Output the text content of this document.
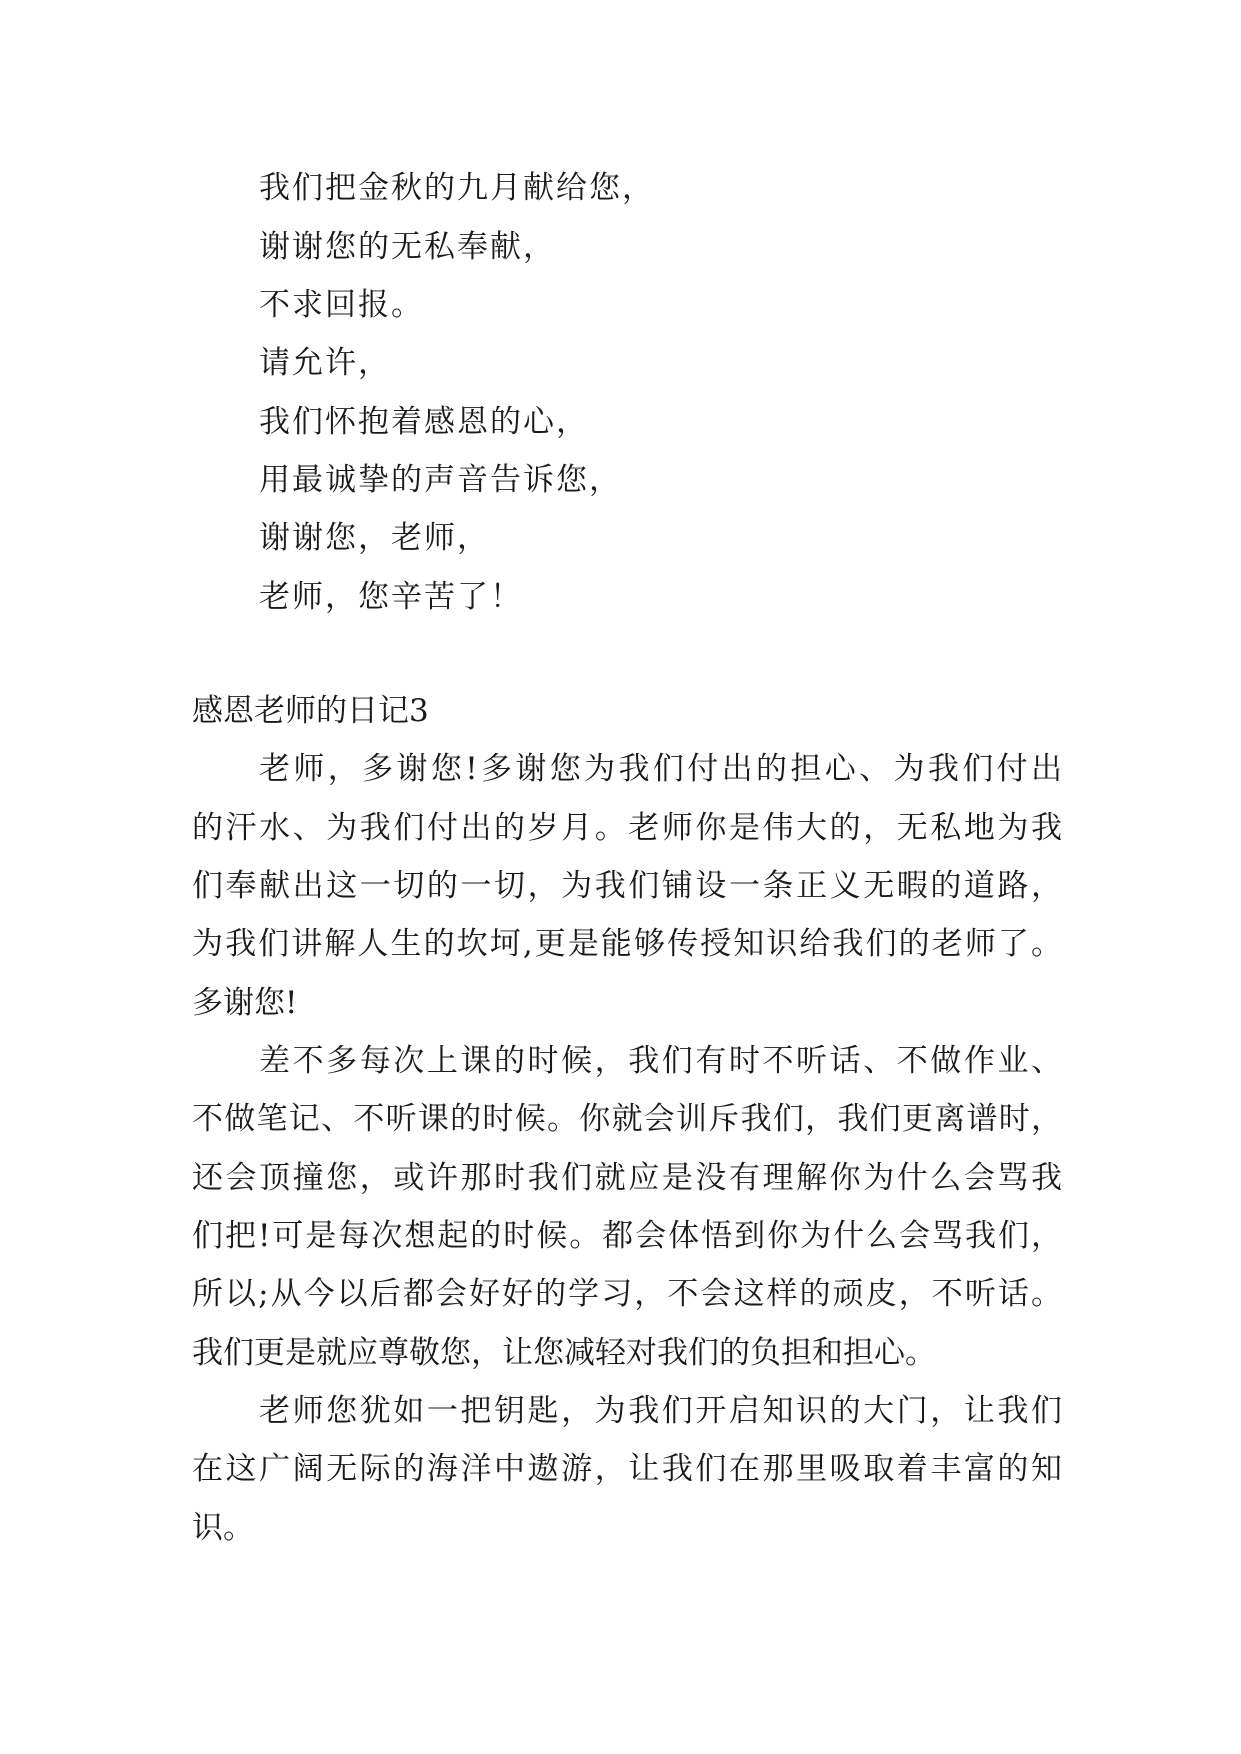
我们把金秋的九月献给您，
谢谢您的无私奉献，
不求回报。
请允许，
我们怀抱着感恩的心，
用最诚挚的声音告诉您，
谢谢您，老师，
老师，您辛苦了！
感恩老师的日记3
老师，多谢您!多谢您为我们付出的担心、为我们付出
的汗水、为我们付出的岁月。老师你是伟大的，无私地为我
们奉献出这一切的一切，为我们铺设一条正义无暇的道路，
为我们讲解人生的坎坷,更是能够传授知识给我们的老师了。
多谢您!
差不多每次上课的时候，我们有时不听话、不做作业、
不做笔记、不听课的时候。你就会训斥我们，我们更离谱时，
还会顶撞您，或许那时我们就应是没有理解你为什么会骂我
们把!可是每次想起的时候。都会体悟到你为什么会骂我们，
所以;从今以后都会好好的学习，不会这样的顽皮，不听话。
我们更是就应尊敬您，让您减轻对我们的负担和担心。
老师您犹如一把钥匙，为我们开启知识的大门，让我们
在这广阔无际的海洋中遨游，让我们在那里吸取着丰富的知
识。
